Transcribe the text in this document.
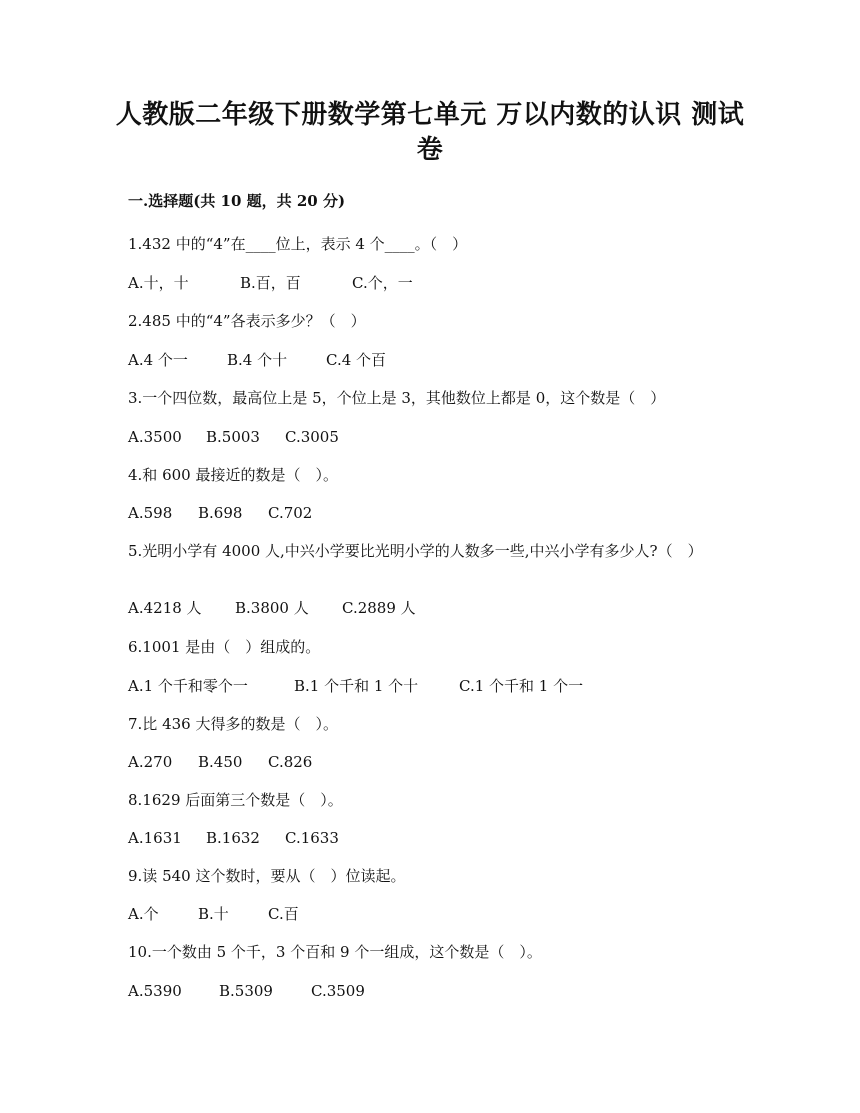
人教版二年级下册数学第七单元 万以内数的认识 测试卷
一.选择题(共 10 题，共 20 分)
1.432 中的“4”在____位上，表示 4 个____。（　）
A.十，十	B.百，百	C.个，一
2.485 中的“4”各表示多少？（　）
A.4 个一	B.4 个十	C.4 个百
3.一个四位数，最高位上是 5，个位上是 3，其他数位上都是 0，这个数是（　）
A.3500 B.5003 C.3005
4.和 600 最接近的数是（　）。
A.598 B.698 C.702
5.光明小学有 4000 人,中兴小学要比光明小学的人数多一些,中兴小学有多少人?（　）
A.4218 人 B.3800 人 C.2889 人
6.1001 是由（　）组成的。
A.1 个千和零个一	B.1 个千和 1 个十	C.1 个千和 1 个一
7.比 436 大得多的数是（　）。
A.270 B.450 C.826
8.1629 后面第三个数是（　）。
A.1631 B.1632 C.1633
9.读 540 这个数时，要从（　）位读起。
A.个	B.十	C.百
10.一个数由 5 个千，3 个百和 9 个一组成，这个数是（　）。
A.5390 B.5309	C.3509
